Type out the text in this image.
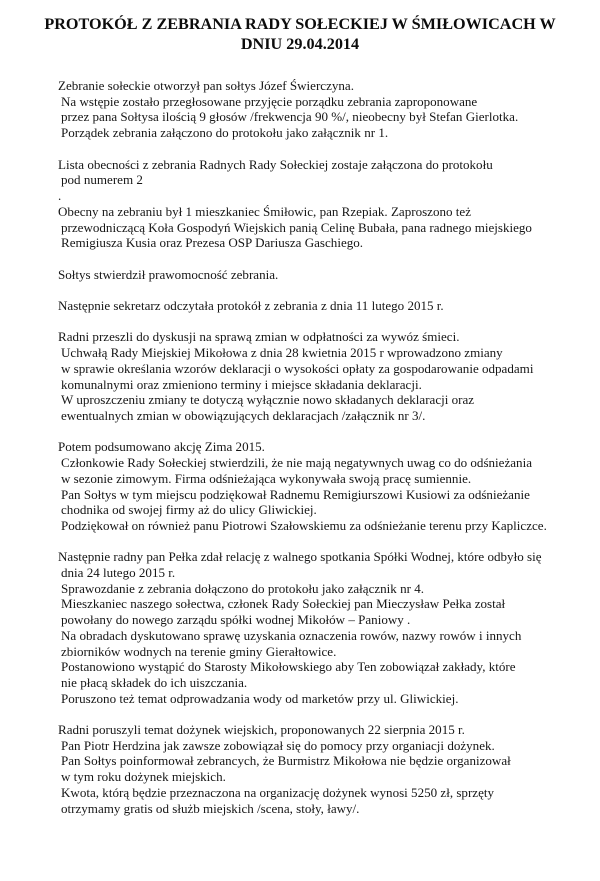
PROTOKÓŁ Z ZEBRANIA RADY SOŁECKIEJ W ŚMIŁOWICACH W
DNIU 29.04.2014
Zebranie sołeckie otworzył pan sołtys Józef Świerczyna.
Na wstępie zostało przegłosowane przyjęcie porządku zebrania zaproponowane
przez pana Sołtysa ilością 9 głosów /frekwencja 90 %/, nieobecny był Stefan Gierlotka.
Porządek zebrania załączono do protokołu jako załącznik nr 1.
Lista obecności z zebrania Radnych Rady Sołeckiej zostaje załączona do protokołu
pod numerem 2
.
Obecny na zebraniu był 1 mieszkaniec Śmiłowic, pan Rzepiak. Zaproszono też
przewodniczącą Koła Gospodyń Wiejskich panią Celinę Bubała, pana radnego miejskiego
Remigiusza Kusia oraz Prezesa OSP Dariusza Gaschiego.
Sołtys stwierdził prawomocność zebrania.
Następnie sekretarz odczytała protokół z zebrania z dnia 11 lutego 2015 r.
Radni przeszli do dyskusji na sprawą zmian w odpłatności za wywóz śmieci.
Uchwałą Rady Miejskiej Mikołowa z dnia 28 kwietnia 2015 r wprowadzono zmiany
w sprawie określania wzorów deklaracji o wysokości opłaty za gospodarowanie odpadami
komunalnymi oraz zmieniono terminy i miejsce składania deklaracji.
W uproszczeniu zmiany te dotyczą wyłącznie nowo składanych deklaracji oraz
ewentualnych zmian w obowiązujących deklaracjach /załącznik nr 3/.
Potem podsumowano akcję Zima 2015.
Członkowie Rady Sołeckiej stwierdzili, że nie mają negatywnych uwag co do odśnieżania
w sezonie zimowym. Firma odśnieżająca wykonywała swoją pracę sumiennie.
Pan Sołtys w tym miejscu podziękował Radnemu Remigiurszowi Kusiowi za odśnieżanie
chodnika od swojej firmy aż do ulicy Gliwickiej.
Podziękował on również panu Piotrowi Szałowskiemu za odśnieżanie terenu przy Kapliczce.
Następnie radny pan Pełka zdał relację z walnego spotkania Spółki Wodnej, które odbyło się
dnia 24 lutego 2015 r.
Sprawozdanie z zebrania dołączono do protokołu jako załącznik nr 4.
Mieszkaniec naszego sołectwa, członek Rady Sołeckiej pan Mieczysław Pełka został
powołany do nowego zarządu spółki wodnej Mikołów – Paniowy .
Na obradach dyskutowano sprawę uzyskania oznaczenia rowów, nazwy rowów i innych
zbiorników wodnych na terenie gminy Gierałtowice.
Postanowiono wystąpić do Starosty Mikołowskiego aby Ten zobowiązał zakłady, które
nie płacą składek do ich uiszczania.
Poruszono też temat odprowadzania wody od marketów przy ul. Gliwickiej.
Radni poruszyli temat dożynek wiejskich, proponowanych 22 sierpnia 2015 r.
Pan Piotr Herdzina jak zawsze zobowiązał się do pomocy przy organiacji dożynek.
Pan Sołtys poinformował zebrancych, że Burmistrz Mikołowa nie będzie organizował
w tym roku dożynek miejskich.
Kwota, którą będzie przeznaczona na organizację dożynek wynosi 5250 zł, sprzęty
otrzymamy gratis od służb miejskich /scena, stoły, ławy/.
